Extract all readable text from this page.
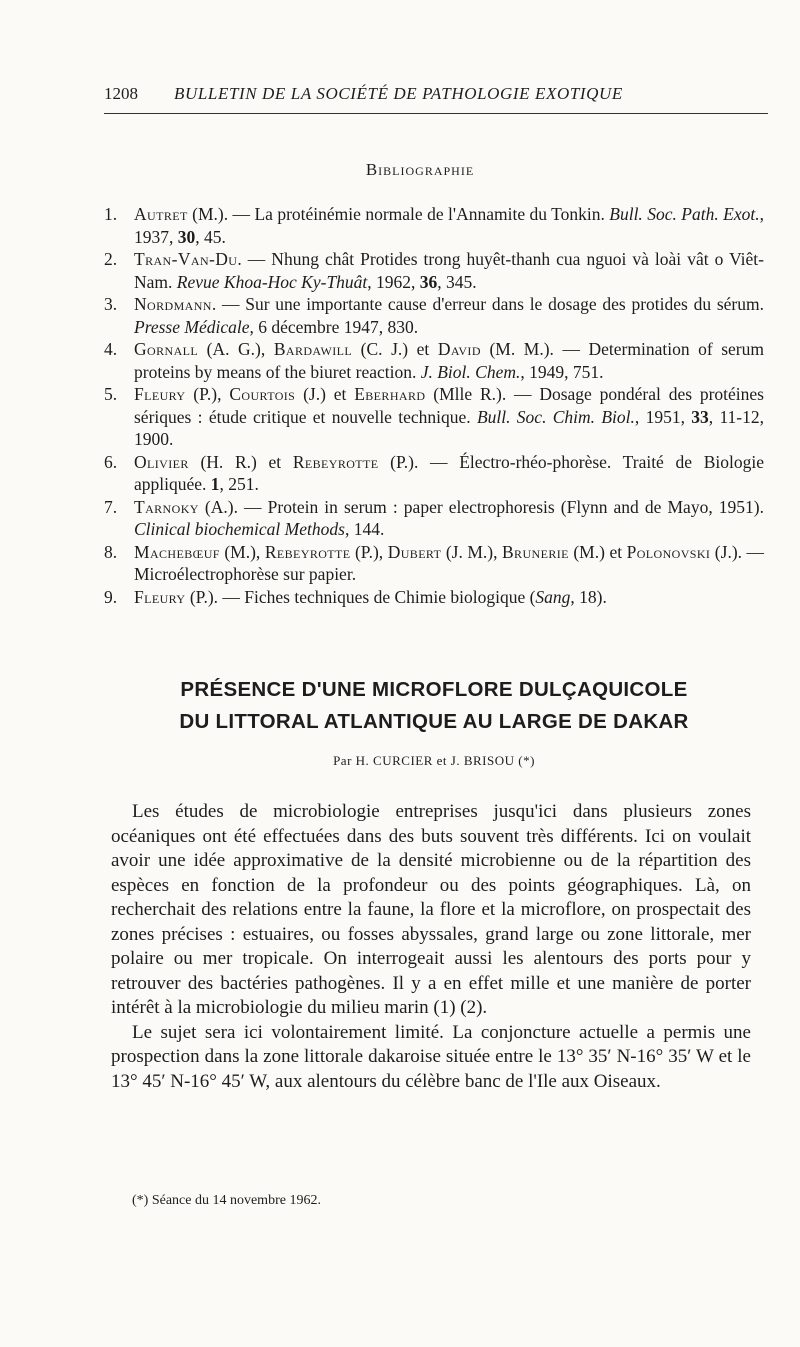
1208 BULLETIN DE LA SOCIÉTÉ DE PATHOLOGIE EXOTIQUE
Bibliographie
1. Autret (M.). — La protéinémie normale de l'Annamite du Tonkin. Bull. Soc. Path. Exot., 1937, 30, 45.
2. Tran-Van-Du. — Nhung chât Protides trong huyêt-thanh cua nguoi và loài vât o Viêt-Nam. Revue Khoa-Hoc Ky-Thuât, 1962, 36, 345.
3. Nordmann. — Sur une importante cause d'erreur dans le dosage des protides du sérum. Presse Médicale, 6 décembre 1947, 830.
4. Gornall (A. G.), Bardawill (C. J.) et David (M. M.). — Determination of serum proteins by means of the biuret reaction. J. Biol. Chem., 1949, 751.
5. Fleury (P.), Courtois (J.) et Eberhard (Mlle R.). — Dosage pondéral des protéines sériques : étude critique et nouvelle technique. Bull. Soc. Chim. Biol., 1951, 33, 11-12, 1900.
6. Olivier (H. R.) et Rebeyrotte (P.). — Électro-rhéo-phorèse. Traité de Biologie appliquée. 1, 251.
7. Tarnoky (A.). — Protein in serum : paper electrophoresis (Flynn and de Mayo, 1951). Clinical biochemical Methods, 144.
8. Machebœuf (M.), Rebeyrotte (P.), Dubert (J. M.), Brunerie (M.) et Polonovski (J.). — Microélectrophorèse sur papier.
9. Fleury (P.). — Fiches techniques de Chimie biologique (Sang, 18).
PRÉSENCE D'UNE MICROFLORE DULÇAQUICOLE
DU LITTORAL ATLANTIQUE AU LARGE DE DAKAR
Par H. CURCIER et J. BRISOU (*)

Les études de microbiologie entreprises jusqu'ici dans plusieurs zones océaniques ont été effectuées dans des buts souvent très différents. Ici on voulait avoir une idée approximative de la densité microbienne ou de la répartition des espèces en fonction de la profondeur ou des points géographiques. Là, on recherchait des relations entre la faune, la flore et la microflore, on prospectait des zones précises : estuaires, ou fosses abyssales, grand large ou zone littorale, mer polaire ou mer tropicale. On interrogeait aussi les alentours des ports pour y retrouver des bactéries pathogènes. Il y a en effet mille et une manière de porter intérêt à la microbiologie du milieu marin (1) (2).

Le sujet sera ici volontairement limité. La conjoncture actuelle a permis une prospection dans la zone littorale dakaroise située entre le 13° 35′ N-16° 35′ W et le 13° 45′ N-16° 45′ W, aux alentours du célèbre banc de l'Ile aux Oiseaux.

(*) Séance du 14 novembre 1962.
